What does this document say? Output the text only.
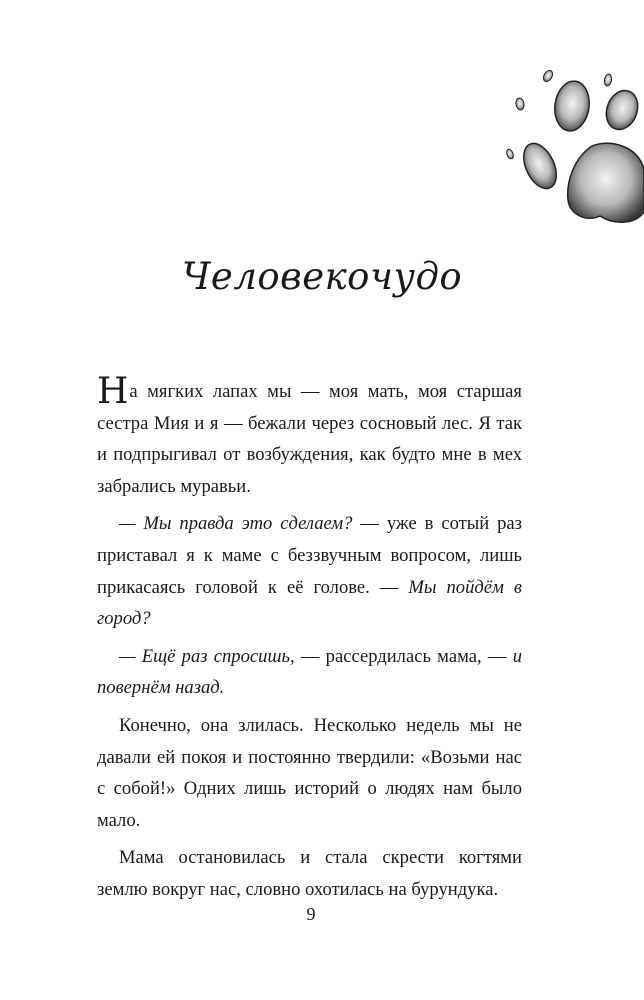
Человекочудо

На мягких лапах мы — моя мать, моя старшая сестра Мия и я — бежали через сосновый лес. Я так и подпрыгивал от возбуждения, как будто мне в мех забрались муравьи.

— Мы правда это сделаем? — уже в сотый раз приставал я к маме с беззвучным вопросом, лишь прикасаясь головой к её голове. — Мы пойдём в город?

— Ещё раз спросишь, — рассердилась мама, — и повернём назад.

Конечно, она злилась. Несколько недель мы не давали ей покоя и постоянно твердили: «Возьми нас с собой!» Одних лишь историй о людях нам было мало.

Мама остановилась и стала скрести когтями землю вокруг нас, словно охотилась на бурундука.

9
